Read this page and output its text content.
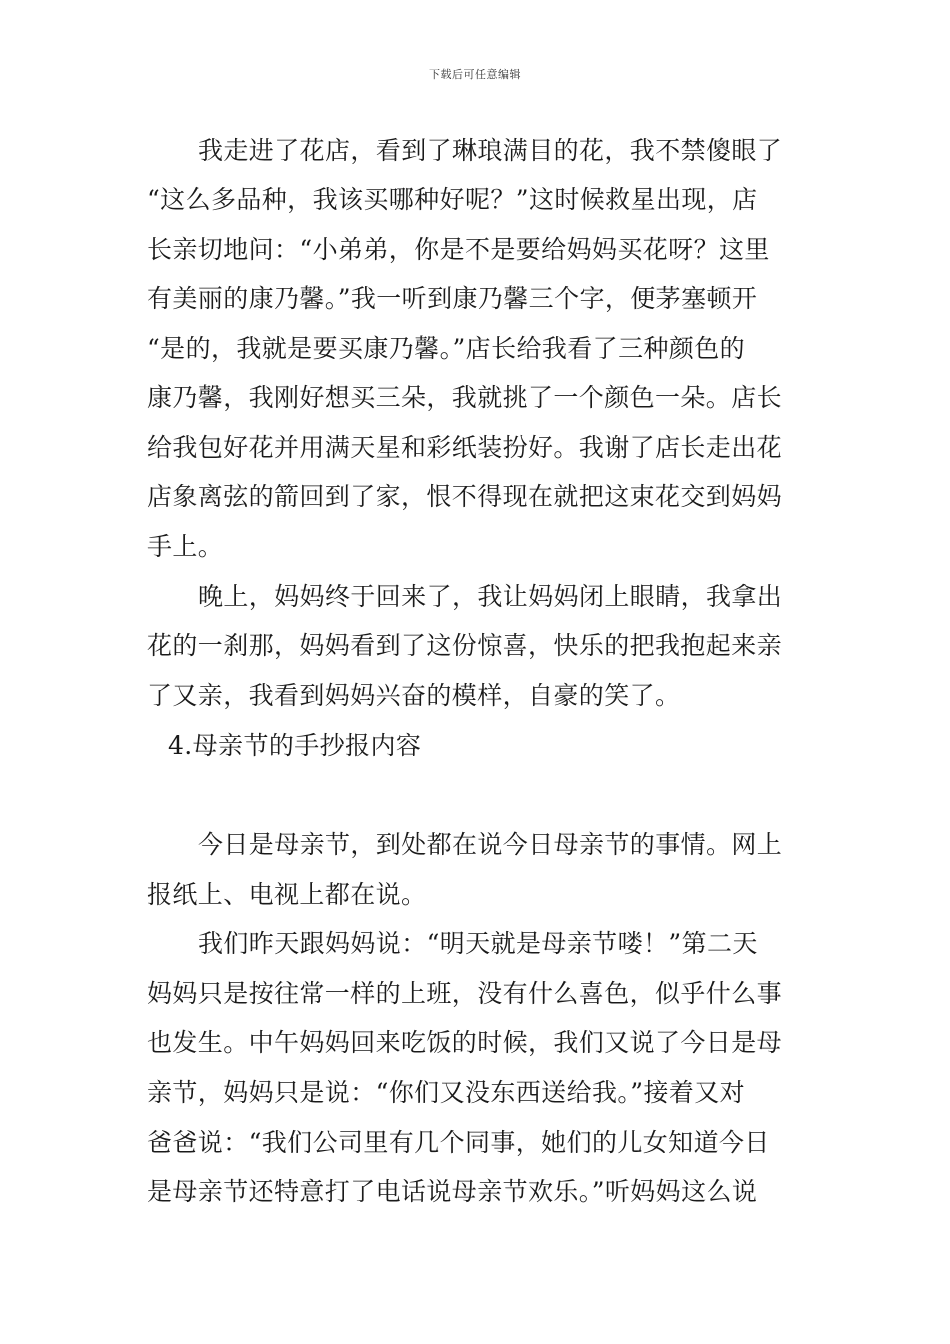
下载后可任意编辑
我走进了花店，看到了琳琅满目的花，我不禁傻眼了
“这么多品种，我该买哪种好呢？”这时候救星出现，店
长亲切地问：“小弟弟，你是不是要给妈妈买花呀？这里
有美丽的康乃馨。”我一听到康乃馨三个字，便茅塞顿开
“是的，我就是要买康乃馨。”店长给我看了三种颜色的
康乃馨，我刚好想买三朵，我就挑了一个颜色一朵。店长
给我包好花并用满天星和彩纸装扮好。我谢了店长走出花
店象离弦的箭回到了家，恨不得现在就把这束花交到妈妈
手上。
晚上，妈妈终于回来了，我让妈妈闭上眼睛，我拿出
花的一刹那，妈妈看到了这份惊喜，快乐的把我抱起来亲
了又亲，我看到妈妈兴奋的模样，自豪的笑了。
4.母亲节的手抄报内容
今日是母亲节，到处都在说今日母亲节的事情。网上
报纸上、电视上都在说。
我们昨天跟妈妈说：“明天就是母亲节喽！”第二天
妈妈只是按往常一样的上班，没有什么喜色，似乎什么事
也发生。中午妈妈回来吃饭的时候，我们又说了今日是母
亲节，妈妈只是说：“你们又没东西送给我。”接着又对
爸爸说：“我们公司里有几个同事，她们的儿女知道今日
是母亲节还特意打了电话说母亲节欢乐。”听妈妈这么说
